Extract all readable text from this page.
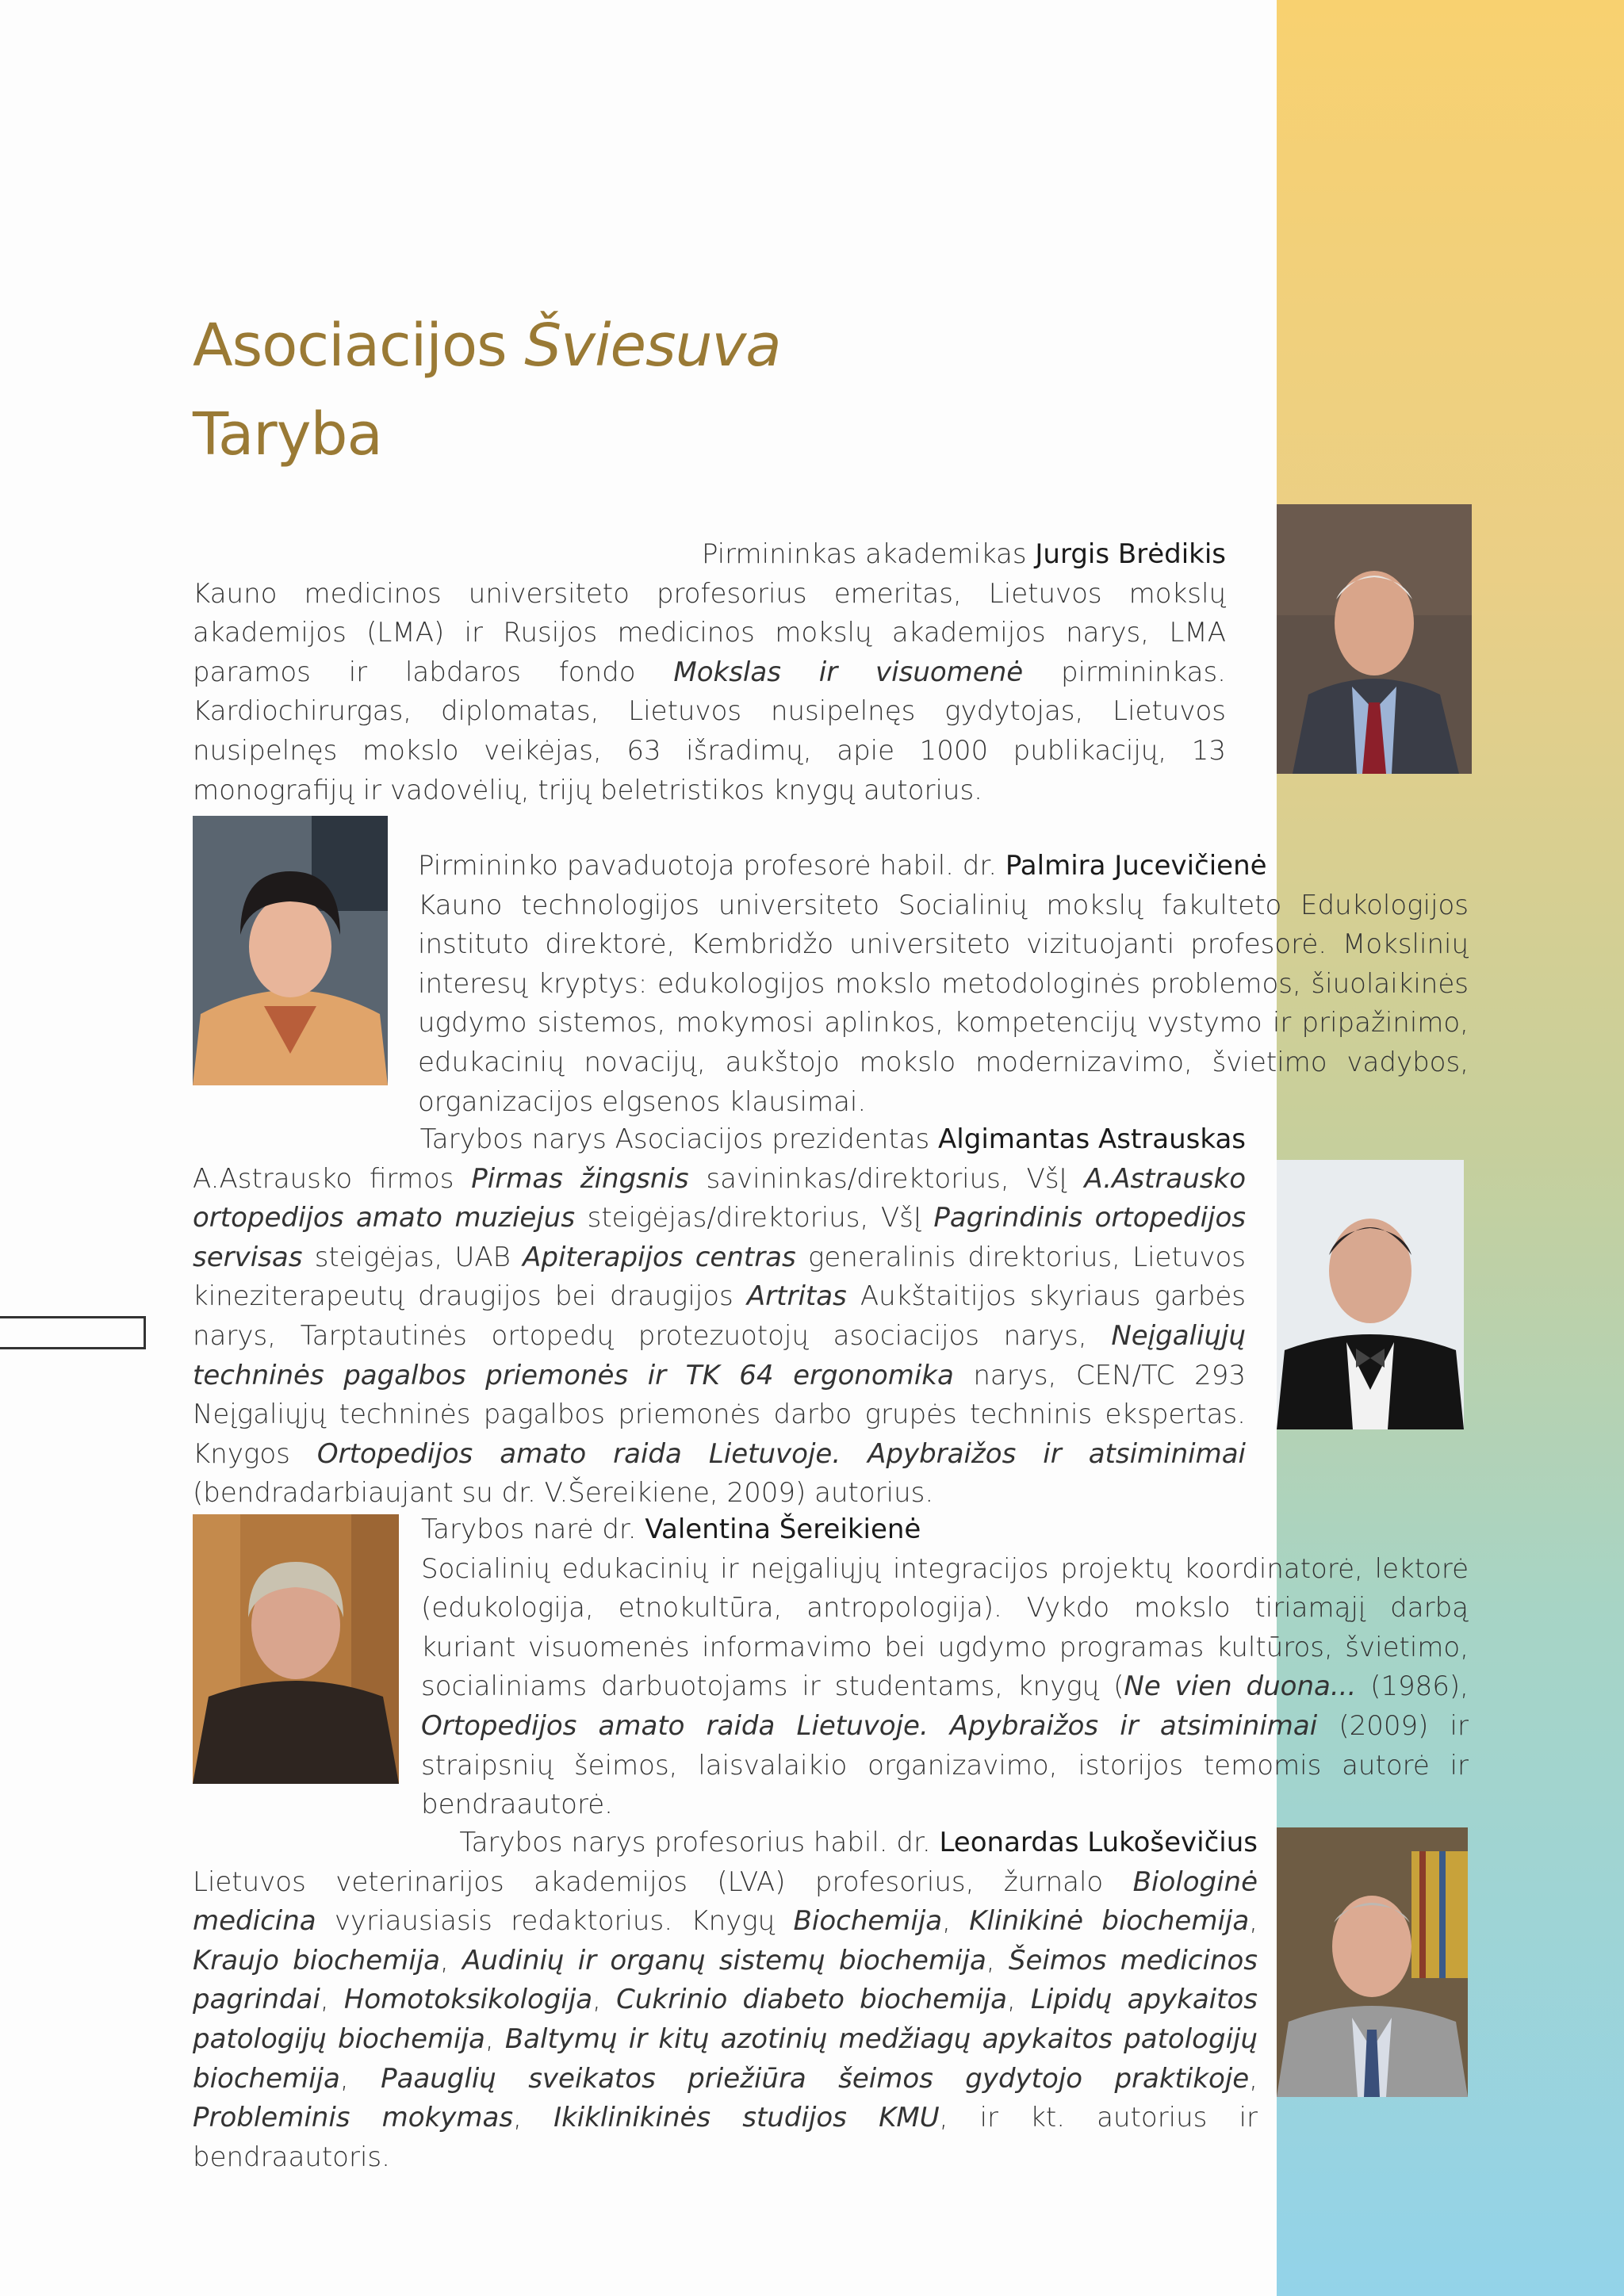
Asociacijos Šviesuva
Taryba

Pirmininkas akademikas Jurgis Brėdikis
Kauno medicinos universiteto profesorius emeritas, Lietuvos mokslų akademijos (LMA) ir Rusijos medicinos mokslų akademijos narys, LMA paramos ir labdaros fondo Mokslas ir visuomenė pirmininkas. Kardiochirurgas, diplomatas, Lietuvos nusipelnęs gydytojas, Lietuvos nusipelnęs mokslo veikėjas, 63 išradimų, apie 1000 publikacijų, 13 monografijų ir vadovėlių, trijų beletristikos knygų autorius.

Pirmininko pavaduotoja profesorė habil. dr. Palmira Jucevičienė
Kauno technologijos universiteto Socialinių mokslų fakulteto Edukologijos instituto direktorė, Kembridžo universiteto vizituojanti profesorė. Mokslinių interesų kryptys: edukologijos mokslo metodologinės problemos, šiuolaikinės ugdymo sistemos, mokymosi aplinkos, kompetencijų vystymo ir pripažinimo, edukacinių novacijų, aukštojo mokslo modernizavimo, švietimo vadybos, organizacijos elgsenos klausimai.

Tarybos narys Asociacijos prezidentas Algimantas Astrauskas
A.Astrausko firmos Pirmas žingsnis savininkas/direktorius, VšĮ A.Astrausko ortopedijos amato muziejus steigėjas/direktorius, VšĮ Pagrindinis ortopedijos servisas steigėjas, UAB Apiterapijos centras generalinis direktorius, Lietuvos kineziterapeutų draugijos bei draugijos Artritas Aukštaitijos skyriaus garbės narys, Tarptautinės ortopedų protezuotojų asociacijos narys, Neįgaliųjų techninės pagalbos priemonės ir TK 64 ergonomika narys, CEN/TC 293 Neįgaliųjų techninės pagalbos priemonės darbo grupės techninis ekspertas. Knygos Ortopedijos amato raida Lietuvoje. Apybraižos ir atsiminimai (bendradarbiaujant su dr. V.Šereikiene, 2009) autorius.

Tarybos narė dr. Valentina Šereikienė
Socialinių edukacinių ir neįgaliųjų integracijos projektų koordinatorė, lektorė (edukologija, etnokultūra, antropologija). Vykdo mokslo tiriamąjį darbą kuriant visuomenės informavimo bei ugdymo programas kultūros, švietimo, socialiniams darbuotojams ir studentams, knygų (Ne vien duona... (1986), Ortopedijos amato raida Lietuvoje. Apybraižos ir atsiminimai (2009) ir straipsnių šeimos, laisvalaikio organizavimo, istorijos temomis autorė ir bendraautorė.

Tarybos narys profesorius habil. dr. Leonardas Lukoševičius
Lietuvos veterinarijos akademijos (LVA) profesorius, žurnalo Biologinė medicina vyriausiasis redaktorius. Knygų Biochemija, Klinikinė biochemija, Kraujo biochemija, Audinių ir organų sistemų biochemija, Šeimos medicinos pagrindai, Homotoksikologija, Cukrinio diabeto biochemija, Lipidų apykaitos patologijų biochemija, Baltymų ir kitų azotinių medžiagų apykaitos patologijų biochemija, Paauglių sveikatos priežiūra šeimos gydytojo praktikoje, Probleminis mokymas, Ikiklinikinės studijos KMU, ir kt. autorius ir bendraautoris.
